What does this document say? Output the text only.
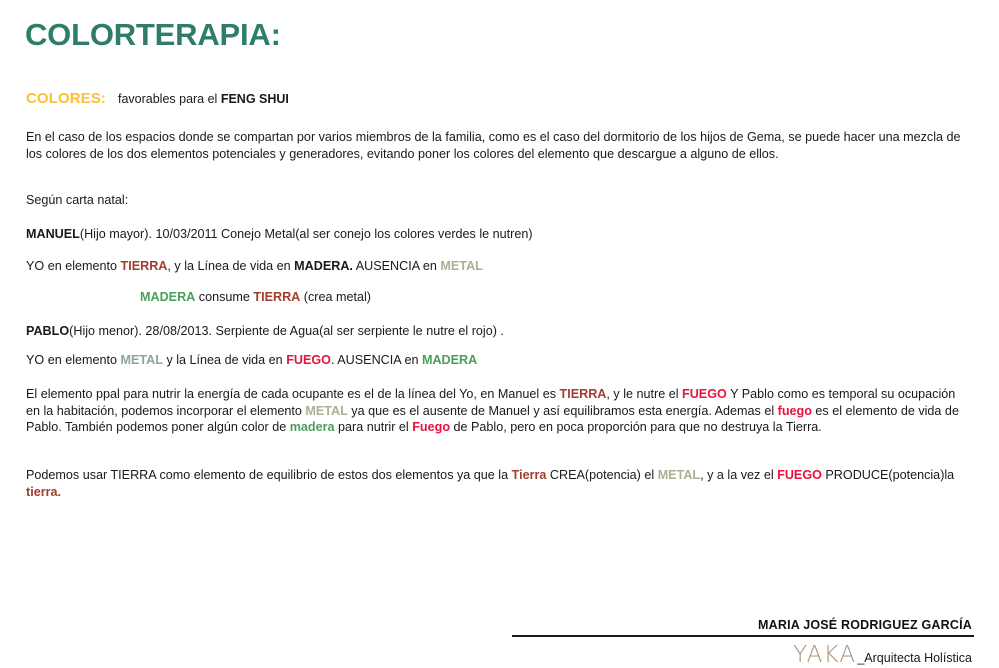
COLORTERAPIA:
COLORES: favorables para el FENG SHUI
En el caso de los espacios donde se compartan por varios miembros de la familia, como es el caso del dormitorio de los hijos de Gema, se puede hacer una mezcla de los colores de los dos elementos potenciales y generadores, evitando poner los colores del elemento que descargue a alguno de ellos.
Según carta natal:
MANUEL(Hijo mayor). 10/03/2011 Conejo Metal(al ser conejo los colores verdes le nutren)
YO en elemento TIERRA, y la Línea de vida en MADERA. AUSENCIA en METAL
MADERA consume TIERRA (crea metal)
PABLO(Hijo menor). 28/08/2013. Serpiente de Agua(al ser serpiente le nutre el rojo) .
YO en elemento METAL y la Línea de vida en FUEGO. AUSENCIA en MADERA
El elemento ppal para nutrir la energía de cada ocupante es el de la línea del Yo, en Manuel es TIERRA, y le nutre el FUEGO Y Pablo como es temporal su ocupación en la habitación, podemos incorporar el elemento METAL ya que es el ausente de Manuel y así equilibramos esta energía. Ademas el fuego es el elemento de vida de Pablo. También podemos poner algún color de madera para nutrir el Fuego de Pablo, pero en poca proporción para que no destruya la Tierra.
Podemos usar TIERRA como elemento de equilibrio de estos dos elementos ya que la Tierra CREA(potencia) el METAL, y a la vez el FUEGO PRODUCE(potencia)la tierra.
MARIA JOSÉ RODRIGUEZ GARCÍA
YAKA _Arquitecta Holística
